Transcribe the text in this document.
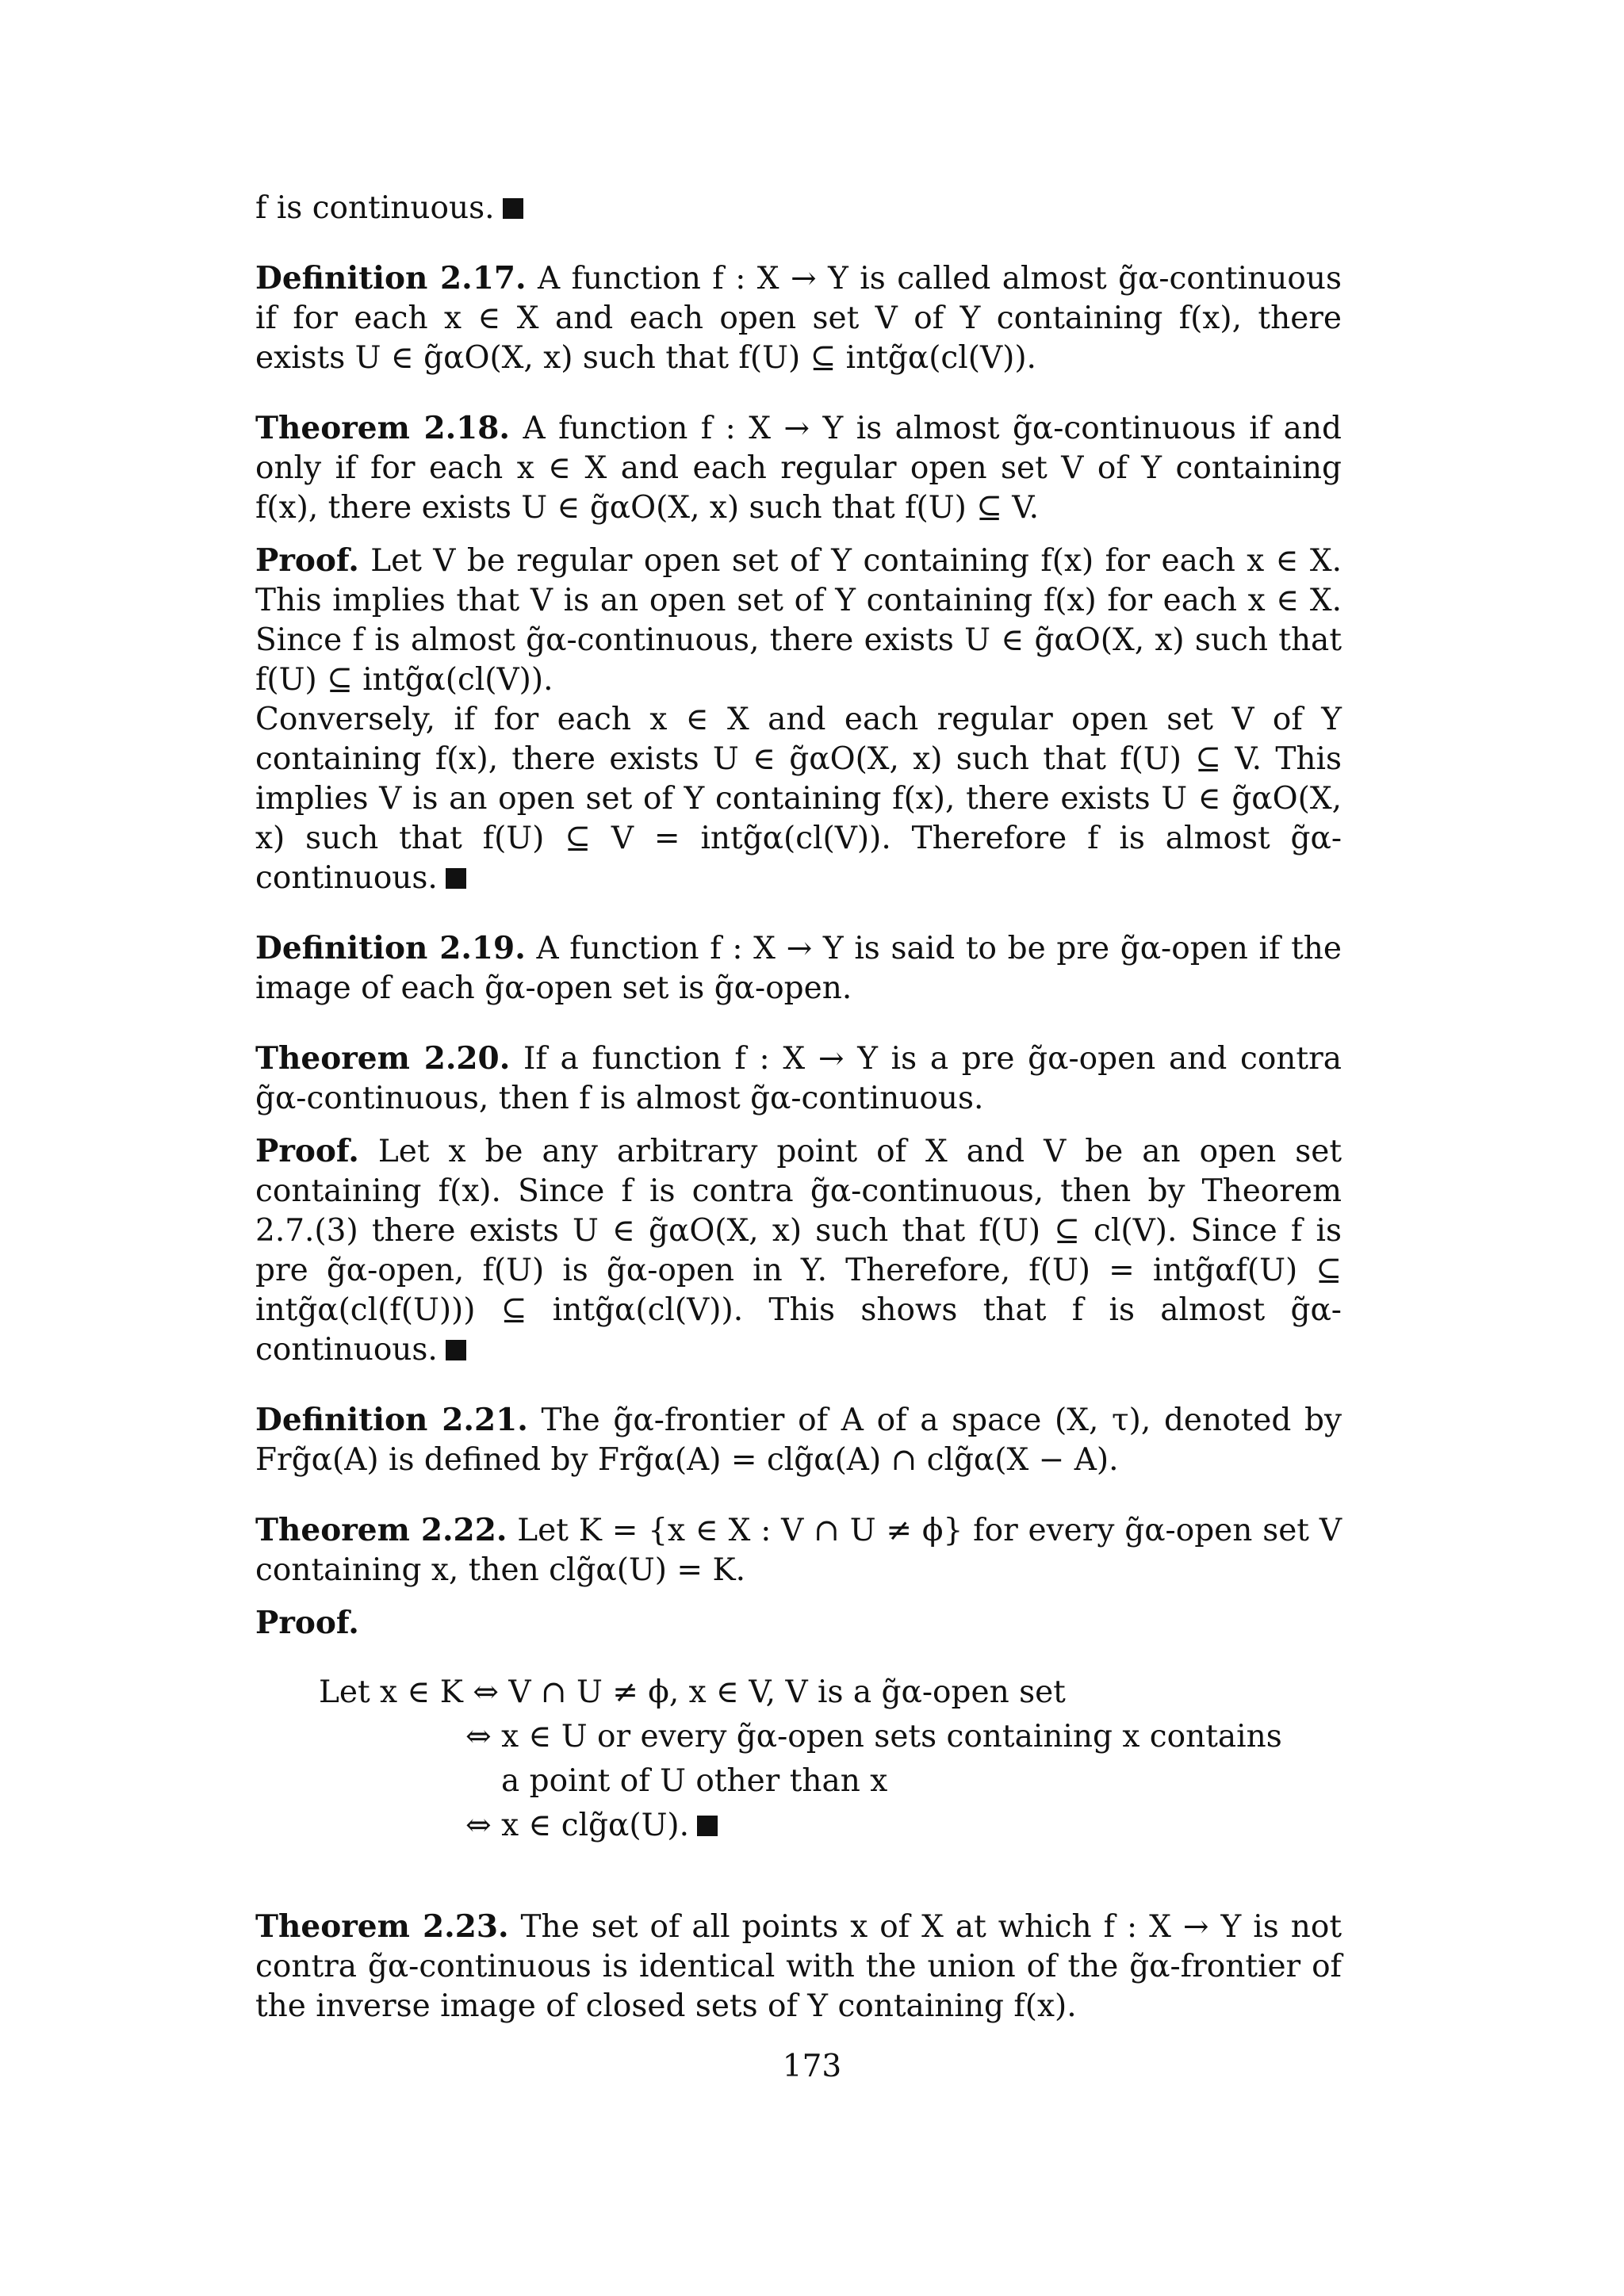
f is continuous.

Definition 2.17. A function f : X → Y is called almost g̃α-continuous if for each x ∈ X and each open set V of Y containing f(x), there exists U ∈ g̃αO(X, x) such that f(U) ⊆ intg̃α(cl(V)).

Theorem 2.18. A function f : X → Y is almost g̃α-continuous if and only if for each x ∈ X and each regular open set V of Y containing f(x), there exists U ∈ g̃αO(X, x) such that f(U) ⊆ V.

Proof. Let V be regular open set of Y containing f(x) for each x ∈ X. This implies that V is an open set of Y containing f(x) for each x ∈ X. Since f is almost g̃α-continuous, there exists U ∈ g̃αO(X, x) such that f(U) ⊆ intg̃α(cl(V)).

Conversely, if for each x ∈ X and each regular open set V of Y containing f(x), there exists U ∈ g̃αO(X, x) such that f(U) ⊆ V. This implies V is an open set of Y containing f(x), there exists U ∈ g̃αO(X, x) such that f(U) ⊆ V = intg̃α(cl(V)). Therefore f is almost g̃α-continuous.

Definition 2.19. A function f : X → Y is said to be pre g̃α-open if the image of each g̃α-open set is g̃α-open.

Theorem 2.20. If a function f : X → Y is a pre g̃α-open and contra g̃α-continuous, then f is almost g̃α-continuous.

Proof. Let x be any arbitrary point of X and V be an open set containing f(x). Since f is contra g̃α-continuous, then by Theorem 2.7.(3) there exists U ∈ g̃αO(X, x) such that f(U) ⊆ cl(V). Since f is pre g̃α-open, f(U) is g̃α-open in Y. Therefore, f(U) = intg̃αf(U) ⊆ intg̃α(cl(f(U))) ⊆ intg̃α(cl(V)). This shows that f is almost g̃α-continuous.

Definition 2.21. The g̃α-frontier of A of a space (X, τ), denoted by Frg̃α(A) is defined by Frg̃α(A) = clg̃α(A) ∩ clg̃α(X − A).

Theorem 2.22. Let K = {x ∈ X : V ∩ U ≠ ϕ} for every g̃α-open set V containing x, then clg̃α(U) = K.

Proof.

Let x ∈ K ⇔ V ∩ U ≠ ϕ, x ∈ V, V is a g̃α-open set
⇔ x ∈ U or every g̃α-open sets containing x contains
a point of U other than x
⇔ x ∈ clg̃α(U).

Theorem 2.23. The set of all points x of X at which f : X → Y is not contra g̃α-continuous is identical with the union of the g̃α-frontier of the inverse image of closed sets of Y containing f(x).

173
